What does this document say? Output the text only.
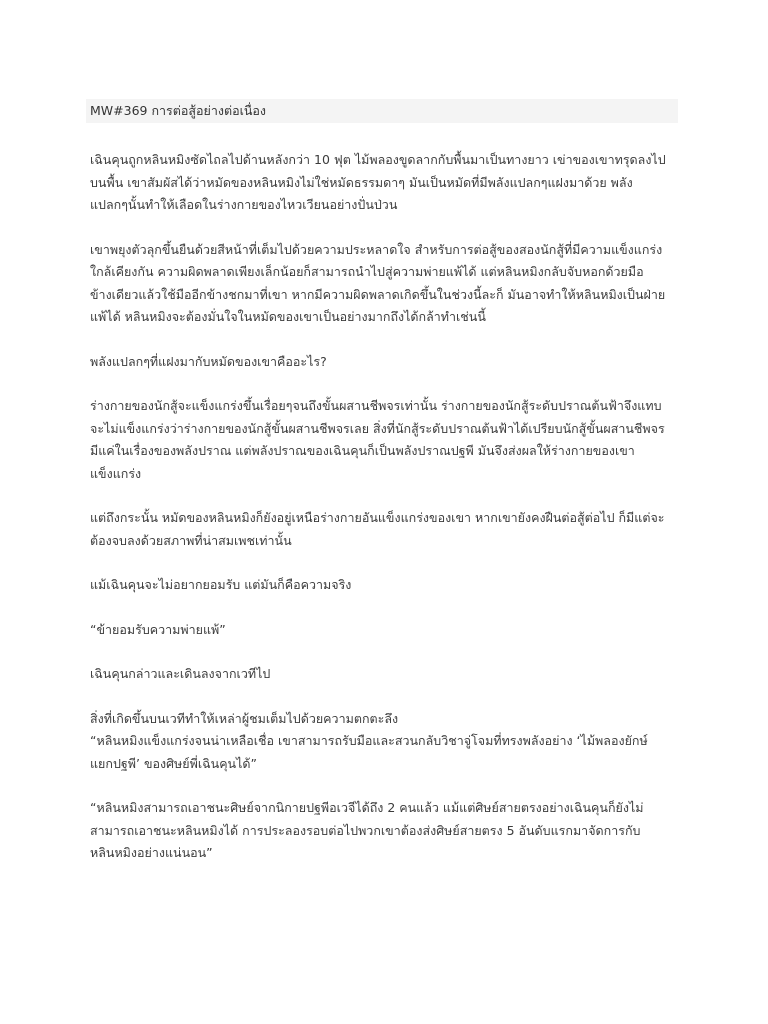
MW#369 การต่อสู้อย่างต่อเนื่อง

เฉินคุนถูกหลินหมิงซัดไถลไปด้านหลังกว่า 10 ฟุต ไม้พลองขูดลากกับพื้นมาเป็นทางยาว เข่าของเขาทรุดลงไป
บนพื้น เขาสัมผัสได้ว่าหมัดของหลินหมิงไม่ใช่หมัดธรรมดาๆ มันเป็นหมัดที่มีพลังแปลกๆแฝงมาด้วย พลัง
แปลกๆนั้นทำให้เลือดในร่างกายของไหวเวียนอย่างปั่นป่วน

เขาพยุงตัวลุกขึ้นยืนด้วยสีหน้าที่เต็มไปด้วยความประหลาดใจ สำหรับการต่อสู้ของสองนักสู้ที่มีความแข็งแกร่ง
ใกล้เคียงกัน ความผิดพลาดเพียงเล็กน้อยก็สามารถนำไปสู่ความพ่ายแพ้ได้ แต่หลินหมิงกลับจับหอกด้วยมือ
ข้างเดียวแล้วใช้มืออีกข้างชกมาที่เขา หากมีความผิดพลาดเกิดขึ้นในช่วงนี้ละก็ มันอาจทำให้หลินหมิงเป็นฝ่าย
แพ้ได้ หลินหมิงจะต้องมั่นใจในหมัดของเขาเป็นอย่างมากถึงได้กล้าทำเช่นนี้

พลังแปลกๆที่แฝงมากับหมัดของเขาคืออะไร?

ร่างกายของนักสู้จะแข็งแกร่งขึ้นเรื่อยๆจนถึงขั้นผสานชีพจรเท่านั้น ร่างกายของนักสู้ระดับปราณต้นฟ้าจึงแทบ
จะไม่แข็งแกร่งว่าร่างกายของนักสู้ขั้นผสานชีพจรเลย สิ่งที่นักสู้ระดับปราณต้นฟ้าได้เปรียบนักสู้ขั้นผสานชีพจร
มีแค่ในเรื่องของพลังปราณ แต่พลังปราณของเฉินคุนก็เป็นพลังปราณปฐพี มันจึงส่งผลให้ร่างกายของเขา
แข็งแกร่ง

แต่ถึงกระนั้น หมัดของหลินหมิงก็ยังอยู่เหนือร่างกายอันแข็งแกร่งของเขา หากเขายังคงฝืนต่อสู้ต่อไป ก็มีแต่จะ
ต้องจบลงด้วยสภาพที่น่าสมเพชเท่านั้น

แม้เฉินคุนจะไม่อยากยอมรับ แต่มันก็คือความจริง

“ข้ายอมรับความพ่ายแพ้”

เฉินคุนกล่าวและเดินลงจากเวทีไป

สิ่งที่เกิดขึ้นบนเวทีทำให้เหล่าผู้ชมเต็มไปด้วยความตกตะลึง

“หลินหมิงแข็งแกร่งจนน่าเหลือเชื่อ เขาสามารถรับมือและสวนกลับวิชาจู่โจมที่ทรงพลังอย่าง ‘ไม้พลองยักษ์
แยกปฐพี’ ของศิษย์พี่เฉินคุนได้”

“หลินหมิงสามารถเอาชนะศิษย์จากนิกายปฐพีอเวจีได้ถึง 2 คนแล้ว แม้แต่ศิษย์สายตรงอย่างเฉินคุนก็ยังไม่
สามารถเอาชนะหลินหมิงได้ การประลองรอบต่อไปพวกเขาต้องส่งศิษย์สายตรง 5 อันดับแรกมาจัดการกับ
หลินหมิงอย่างแน่นอน”
